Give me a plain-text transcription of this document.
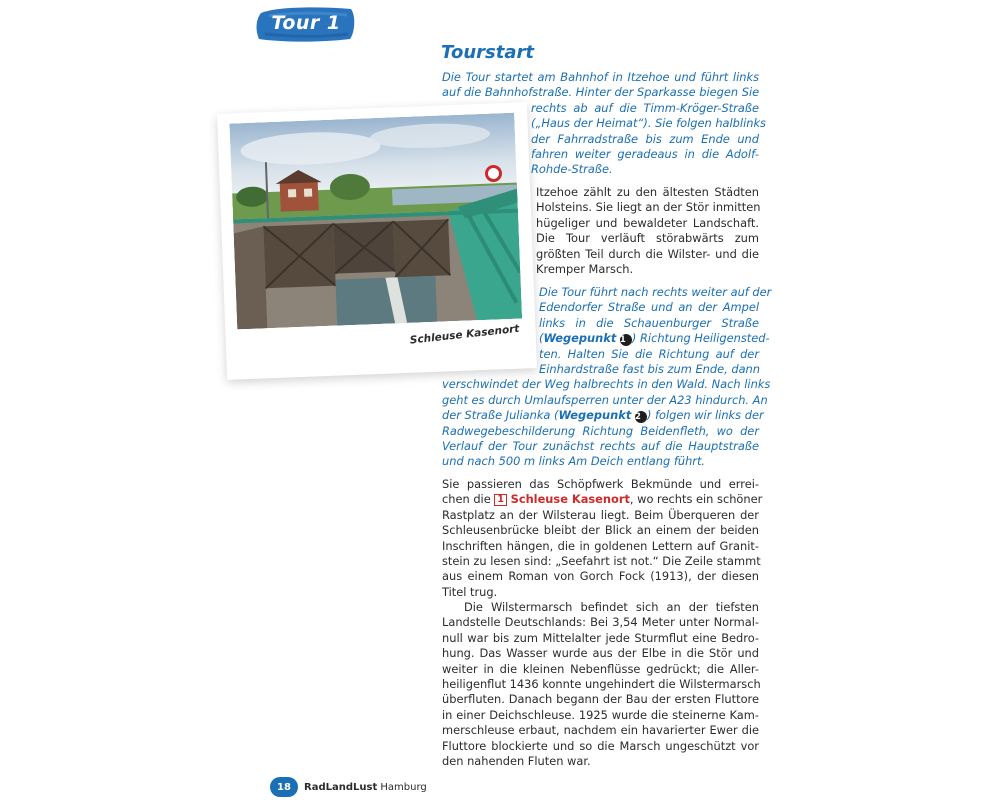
Tour 1
Tourstart
Schleuse Kasenort
Die Tour startet am Bahnhof in Itzehoe und führt links
auf die Bahnhofstraße. Hinter der Sparkasse biegen Sie
rechts ab auf die Timm-Kröger-Straße
(„Haus der Heimat“). Sie folgen halblinks
der Fahrradstraße bis zum Ende und
fahren weiter geradeaus in die Adolf-
Rohde-Straße.
Itzehoe zählt zu den ältesten Städten
Holsteins. Sie liegt an der Stör inmitten
hügeliger und bewaldeter Landschaft.
Die Tour verläuft störabwärts zum
größten Teil durch die Wilster- und die
Kremper Marsch.
Die Tour führt nach rechts weiter auf der
Edendorfer Straße und an der Ampel
links in die Schauenburger Straße
(Wegepunkt 1 ) Richtung Heiligensted-
ten. Halten Sie die Richtung auf der
Einhardstraße fast bis zum Ende, dann
verschwindet der Weg halbrechts in den Wald. Nach links
geht es durch Umlaufsperren unter der A23 hindurch. An
der Straße Julianka (Wegepunkt 2 ) folgen wir links der
Radwegebeschilderung Richtung Beidenfleth, wo der
Verlauf der Tour zunächst rechts auf die Hauptstraße
und nach 500 m links Am Deich entlang führt.
Sie passieren das Schöpfwerk Bekmünde und errei-
chen die 1 Schleuse Kasenort, wo rechts ein schöner
Rastplatz an der Wilsterau liegt. Beim Überqueren der
Schleusenbrücke bleibt der Blick an einem der beiden
Inschriften hängen, die in goldenen Lettern auf Granit-
stein zu lesen sind: „Seefahrt ist not.“ Die Zeile stammt
aus einem Roman von Gorch Fock (1913), der diesen
Titel trug.
Die Wilstermarsch befindet sich an der tiefsten
Landstelle Deutschlands: Bei 3,54 Meter unter Normal-
null war bis zum Mittelalter jede Sturmflut eine Bedro-
hung. Das Wasser wurde aus der Elbe in die Stör und
weiter in die kleinen Nebenflüsse gedrückt; die Aller-
heiligenflut 1436 konnte ungehindert die Wilstermarsch
überfluten. Danach begann der Bau der ersten Fluttore
in einer Deichschleuse. 1925 wurde die steinerne Kam-
merschleuse erbaut, nachdem ein havarierter Ewer die
Fluttore blockierte und so die Marsch ungeschützt vor
den nahenden Fluten war.
18	RadLandLust Hamburg
